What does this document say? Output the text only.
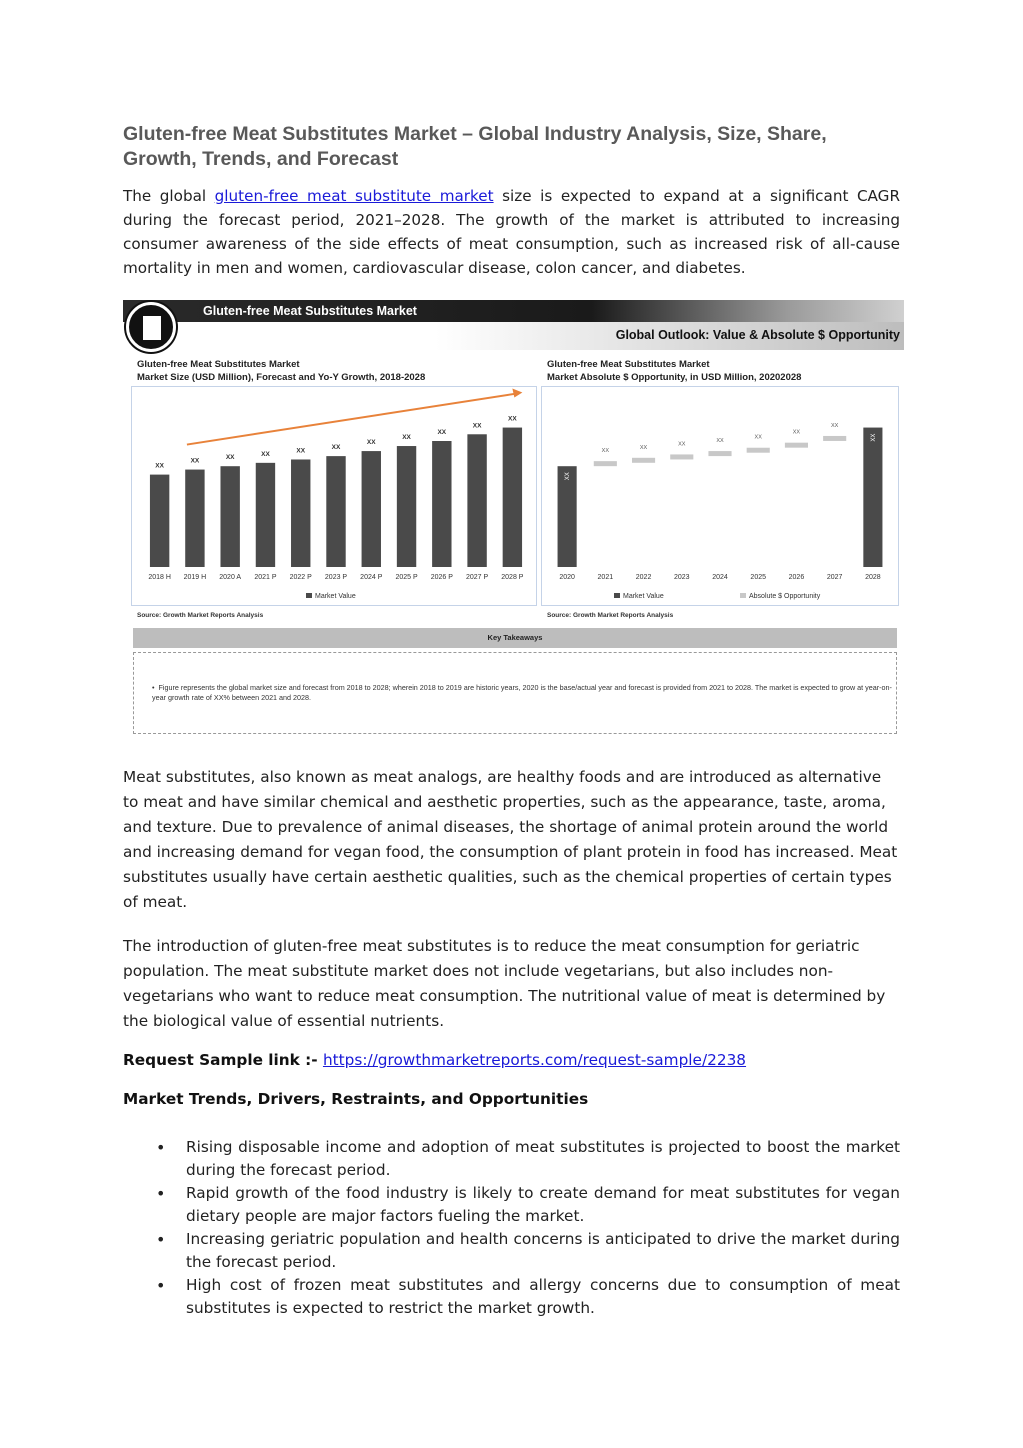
Gluten-free Meat Substitutes Market – Global Industry Analysis, Size, Share, Growth, Trends, and Forecast

The global gluten-free meat substitute market size is expected to expand at a significant CAGR during the forecast period, 2021–2028. The growth of the market is attributed to increasing consumer awareness of the side effects of meat consumption, such as increased risk of all-cause mortality in men and women, cardiovascular disease, colon cancer, and diabetes.

Gluten-free Meat Substitutes Market
Global Outlook: Value & Absolute $ Opportunity
Gluten-free Meat Substitutes Market
Market Size (USD Million), Forecast and Yo-Y Growth, 2018-2028
Gluten-free Meat Substitutes Market
Market Absolute $ Opportunity, in USD Million, 20202028
XX
2018 H
XX
2019 H
XX
2020 A
XX
2021 P
XX
2022 P
XX
2023 P
XX
2024 P
XX
2025 P
XX
2026 P
XX
2027 P
XX
2028 P
Market Value
XX
2020
XX
2021
XX
2022
XX
2023
XX
2024
XX
2025
XX
2026
XX
2027
XX
2028
Market Value	Absolute $ Opportunity
Source: Growth Market Reports Analysis	Source: Growth Market Reports Analysis
Key Takeaways
•  Figure represents the global market size and forecast from 2018 to 2028; wherein 2018 to 2019 are historic years, 2020 is the base/actual year and forecast is provided from 2021 to 2028. The market is expected to grow at year-on-year growth rate of XX% between 2021 and 2028.

Meat substitutes, also known as meat analogs, are healthy foods and are introduced as alternative to meat and have similar chemical and aesthetic properties, such as the appearance, taste, aroma, and texture. Due to prevalence of animal diseases, the shortage of animal protein around the world and increasing demand for vegan food, the consumption of plant protein in food has increased. Meat substitutes usually have certain aesthetic qualities, such as the chemical properties of certain types of meat.

The introduction of gluten-free meat substitutes is to reduce the meat consumption for geriatric population. The meat substitute market does not include vegetarians, but also includes non-vegetarians who want to reduce meat consumption. The nutritional value of meat is determined by the biological value of essential nutrients.

Request Sample link :- https://growthmarketreports.com/request-sample/2238
Market Trends, Drivers, Restraints, and Opportunities
• Rising disposable income and adoption of meat substitutes is projected to boost the market during the forecast period.
• Rapid growth of the food industry is likely to create demand for meat substitutes for vegan dietary people are major factors fueling the market.
• Increasing geriatric population and health concerns is anticipated to drive the market during the forecast period.
• High cost of frozen meat substitutes and allergy concerns due to consumption of meat substitutes is expected to restrict the market growth.
